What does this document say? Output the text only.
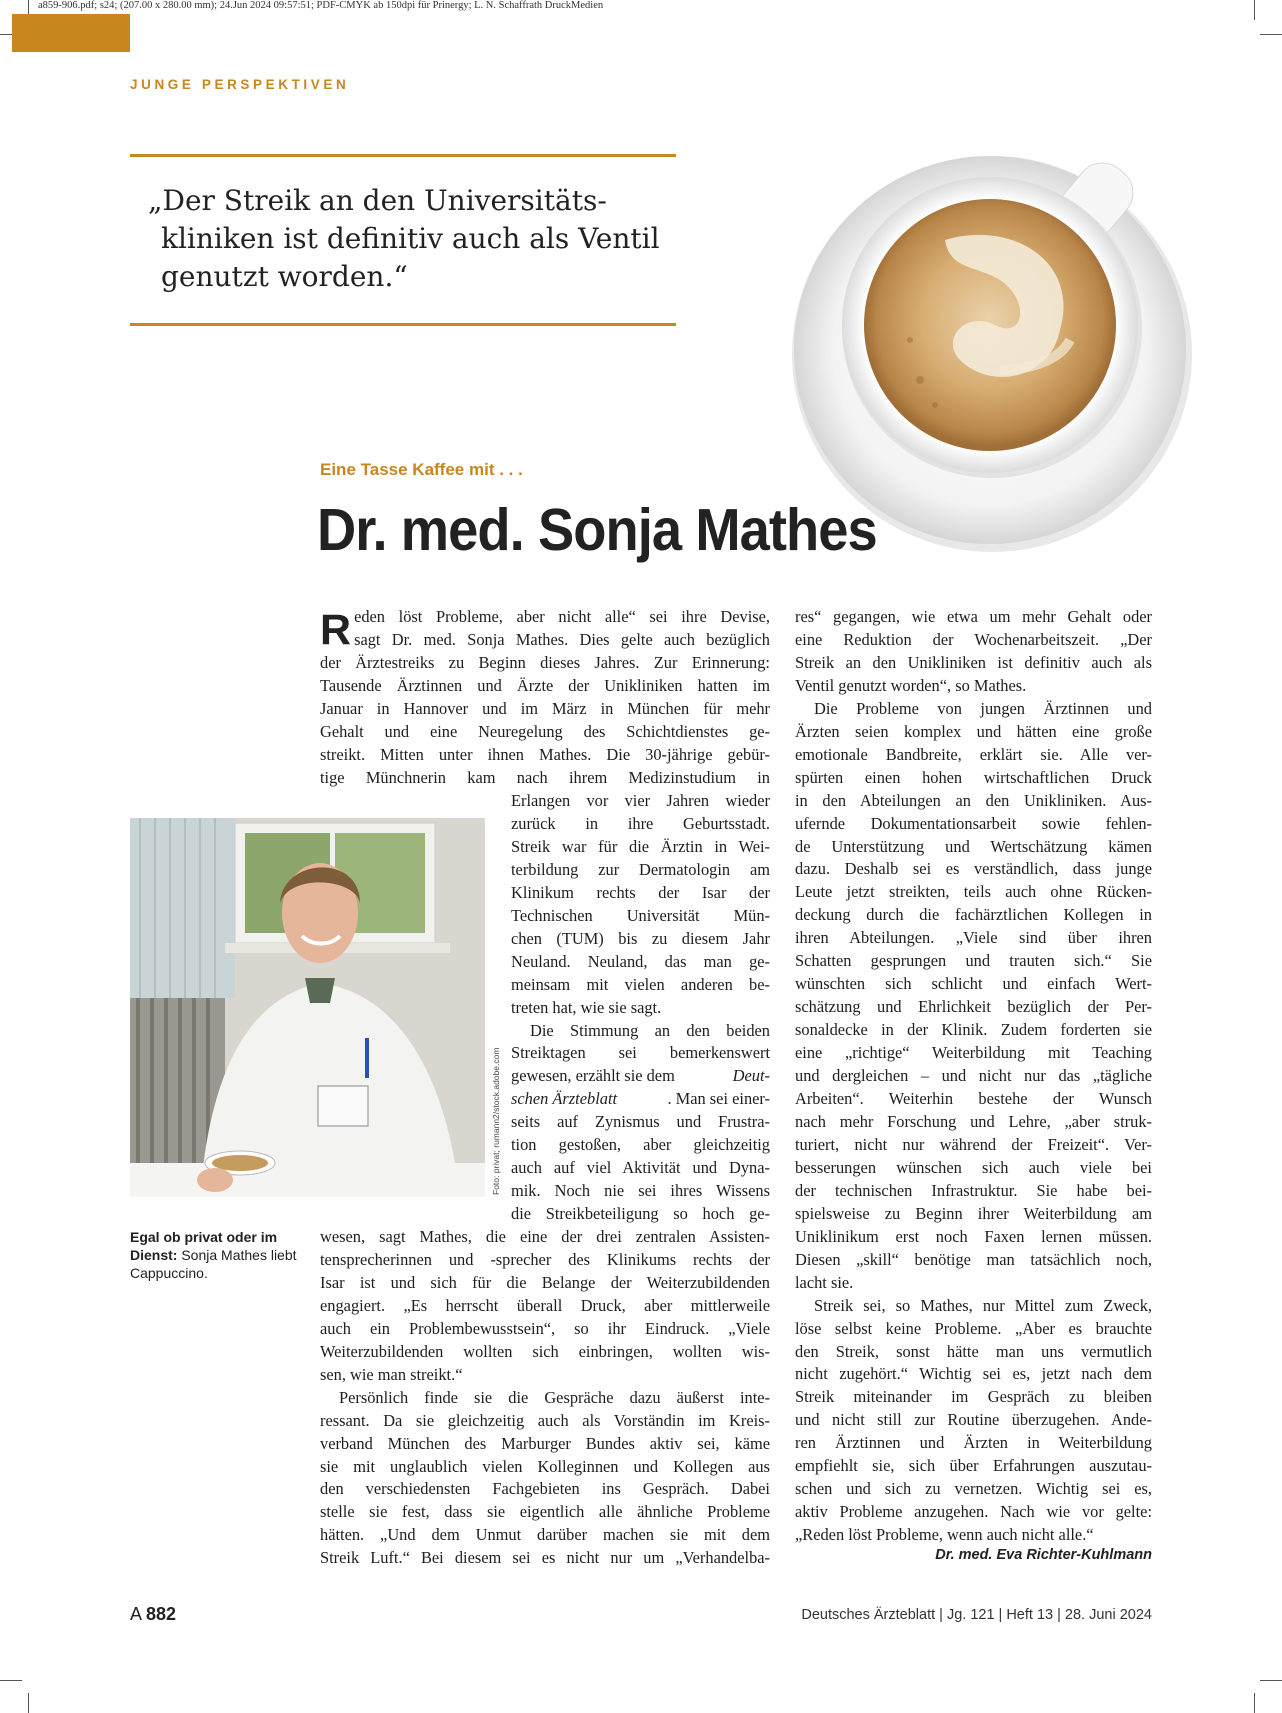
a859-906.pdf; s24; (207.00 x 280.00 mm); 24.Jun 2024 09:57:51; PDF-CMYK ab 150dpi für Prinergy; L. N. Schaffrath DruckMedien
JUNGE PERSPEKTIVEN
„Der Streik an den Universitäts-
kliniken ist definitiv auch als Ventil
genutzt worden.“
Eine Tasse Kaffee mit . . .
Dr. med. Sonja Mathes
R eden löst Probleme, aber nicht alle“ sei ihre Devise,
sagt Dr. med. Sonja Mathes. Dies gelte auch bezüglich
der Ärztestreiks zu Beginn dieses Jahres. Zur Erinnerung:
Tausende Ärztinnen und Ärzte der Unikliniken hatten im
Januar in Hannover und im März in München für mehr
Gehalt und eine Neuregelung des Schichtdienstes ge-
streikt. Mitten unter ihnen Mathes. Die 30-jährige gebür-
tige Münchnerin kam nach ihrem Medizinstudium in
Erlangen vor vier Jahren wieder
zurück in ihre Geburtsstadt.
Streik war für die Ärztin in Wei-
terbildung zur Dermatologin am
Klinikum rechts der Isar der
Technischen Universität Mün-
chen (TUM) bis zu diesem Jahr
Neuland. Neuland, das man ge-
meinsam mit vielen anderen be-
treten hat, wie sie sagt.
Die Stimmung an den beiden
Streiktagen sei bemerkenswert
gewesen, erzählt sie dem	Deut-
schen Ärzteblatt	. Man sei einer-
seits auf Zynismus und Frustra-
tion gestoßen, aber gleichzeitig
auch auf viel Aktivität und Dyna-
mik. Noch nie sei ihres Wissens
die Streikbeteiligung so hoch ge-
wesen, sagt Mathes, die eine der drei zentralen Assisten-
tensprecherinnen und -sprecher des Klinikums rechts der
Isar ist und sich für die Belange der Weiterzubildenden
engagiert. „Es herrscht überall Druck, aber mittlerweile
auch ein Problembewusstsein“, so ihr Eindruck. „Viele
Weiterzubildenden wollten sich einbringen, wollten wis-
sen, wie man streikt.“
Persönlich finde sie die Gespräche dazu äußerst inte-
ressant. Da sie gleichzeitig auch als Vorständin im Kreis-
verband München des Marburger Bundes aktiv sei, käme
sie mit unglaublich vielen Kolleginnen und Kollegen aus
den verschiedensten Fachgebieten ins Gespräch. Dabei
stelle sie fest, dass sie eigentlich alle ähnliche Probleme
hätten. „Und dem Unmut darüber machen sie mit dem
Streik Luft.“ Bei diesem sei es nicht nur um „Verhandelba-
res“ gegangen, wie etwa um mehr Gehalt oder
eine Reduktion der Wochenarbeitszeit. „Der
Streik an den Unikliniken ist definitiv auch als
Ventil genutzt worden“, so Mathes.
Die Probleme von jungen Ärztinnen und
Ärzten seien komplex und hätten eine große
emotionale Bandbreite, erklärt sie. Alle ver-
spürten einen hohen wirtschaftlichen Druck
in den Abteilungen an den Unikliniken. Aus-
ufernde Dokumentationsarbeit sowie fehlen-
de Unterstützung und Wertschätzung kämen
dazu. Deshalb sei es verständlich, dass junge
Leute jetzt streikten, teils auch ohne Rücken-
deckung durch die fachärztlichen Kollegen in
ihren Abteilungen. „Viele sind über ihren
Schatten gesprungen und trauten sich.“ Sie
wünschten sich schlicht und einfach Wert-
schätzung und Ehrlichkeit bezüglich der Per-
sonaldecke in der Klinik. Zudem forderten sie
eine „richtige“ Weiterbildung mit Teaching
und dergleichen – und nicht nur das „tägliche
Arbeiten“. Weiterhin bestehe der Wunsch
nach mehr Forschung und Lehre, „aber struk-
turiert, nicht nur während der Freizeit“. Ver-
besserungen wünschen sich auch viele bei
der technischen Infrastruktur. Sie habe bei-
spielsweise zu Beginn ihrer Weiterbildung am
Uniklinikum erst noch Faxen lernen müssen.
Diesen „skill“ benötige man tatsächlich noch,
lacht sie.
Streik sei, so Mathes, nur Mittel zum Zweck,
löse selbst keine Probleme. „Aber es brauchte
den Streik, sonst hätte man uns vermutlich
nicht zugehört.“ Wichtig sei es, jetzt nach dem
Streik miteinander im Gespräch zu bleiben
und nicht still zur Routine überzugehen. Ande-
ren Ärztinnen und Ärzten in Weiterbildung
empfiehlt sie, sich über Erfahrungen auszutau-
schen und sich zu vernetzen. Wichtig sei es,
aktiv Probleme anzugehen. Nach wie vor gelte:
„Reden löst Probleme, wenn auch nicht alle.“
Dr. med. Eva Richter-Kuhlmann
Foto: privat; rumann2/stock.adobe.com
Egal ob privat oder im Dienst: Sonja Mathes liebt Cappuccino.
A 882	Deutsches Ärzteblatt | Jg. 121 | Heft 13 | 28. Juni 2024
